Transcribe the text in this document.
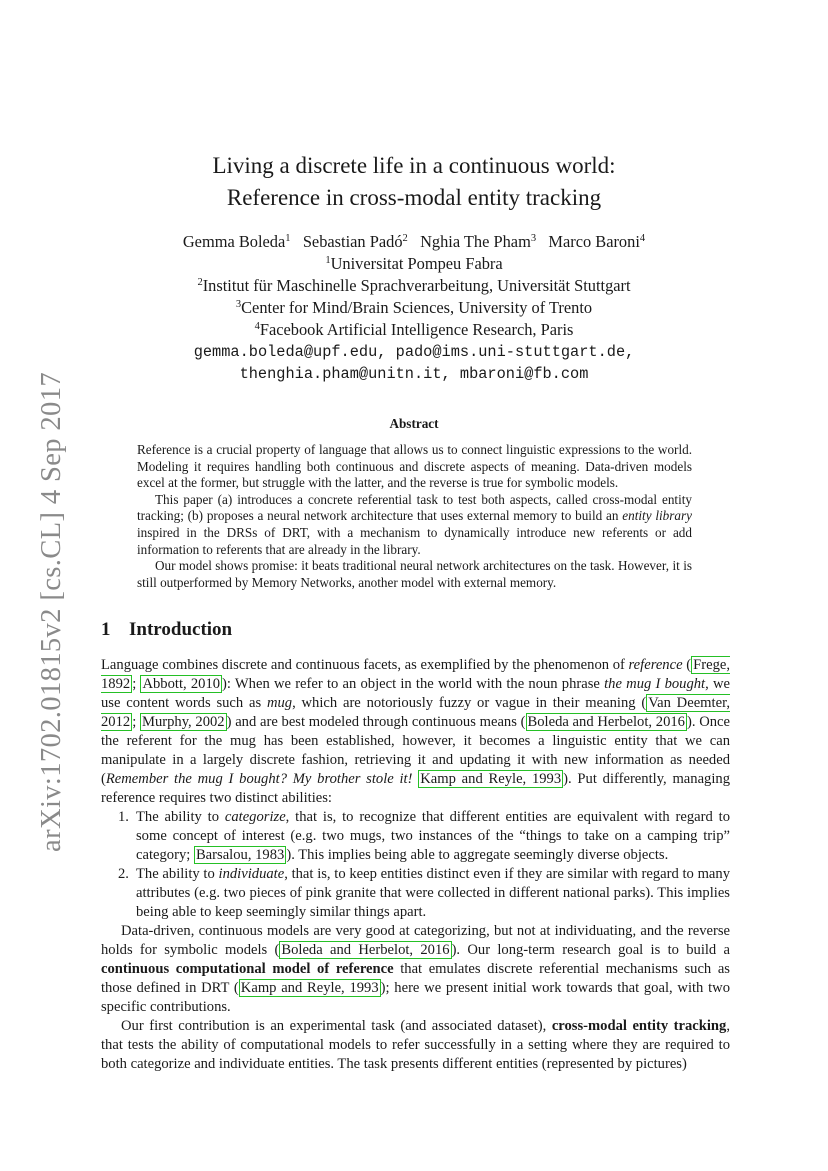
arXiv:1702.01815v2 [cs.CL] 4 Sep 2017
Living a discrete life in a continuous world:
Reference in cross-modal entity tracking
Gemma Boleda$^1$ Sebastian Padó$^2$ Nghia The Pham$^3$ Marco Baroni$^4$
$^1$Universitat Pompeu Fabra
$^2$Institut für Maschinelle Sprachverarbeitung, Universität Stuttgart
$^3$Center for Mind/Brain Sciences, University of Trento
$^4$Facebook Artificial Intelligence Research, Paris
gemma.boleda@upf.edu, pado@ims.uni-stuttgart.de,
thenghia.pham@unitn.it, mbaroni@fb.com
Abstract

Reference is a crucial property of language that allows us to connect linguistic expressions to the world. Modeling it requires handling both continuous and discrete aspects of meaning. Data-driven models excel at the former, but struggle with the latter, and the reverse is true for symbolic models.

This paper (a) introduces a concrete referential task to test both aspects, called cross-modal entity tracking; (b) proposes a neural network architecture that uses external memory to build an entity library inspired in the DRSs of DRT, with a mechanism to dynamically introduce new referents or add information to referents that are already in the library.

Our model shows promise: it beats traditional neural network architectures on the task. However, it is still outperformed by Memory Networks, another model with external memory.

1 Introduction

Language combines discrete and continuous facets, as exemplified by the phenomenon of reference ( Frege, 1892 ; Abbott, 2010 ): When we refer to an object in the world with the noun phrase the mug I bought, we use content words such as mug, which are notoriously fuzzy or vague in their meaning ( Van Deemter, 2012 ; Murphy, 2002 ) and are best modeled through continuous means ( Boleda and Herbelot, 2016 ). Once the referent for the mug has been established, however, it becomes a linguistic entity that we can manipulate in a largely discrete fashion, retrieving it and updating it with new information as needed (Remember the mug I bought? My brother stole it! Kamp and Reyle, 1993 ). Put differently, managing reference requires two distinct abilities:

1. The ability to categorize, that is, to recognize that different entities are equivalent with regard to some concept of interest (e.g. two mugs, two instances of the “things to take on a camping trip” category; Barsalou, 1983 ). This implies being able to aggregate seemingly diverse objects.
2. The ability to individuate, that is, to keep entities distinct even if they are similar with regard to many attributes (e.g. two pieces of pink granite that were collected in different national parks). This implies being able to keep seemingly similar things apart.

Data-driven, continuous models are very good at categorizing, but not at individuating, and the reverse holds for symbolic models ( Boleda and Herbelot, 2016 ). Our long-term research goal is to build a continuous computational model of reference that emulates discrete referential mechanisms such as those defined in DRT ( Kamp and Reyle, 1993 ); here we present initial work towards that goal, with two specific contributions.

Our first contribution is an experimental task (and associated dataset), cross-modal entity tracking, that tests the ability of computational models to refer successfully in a setting where they are required to both categorize and individuate entities. The task presents different entities (represented by pictures)
